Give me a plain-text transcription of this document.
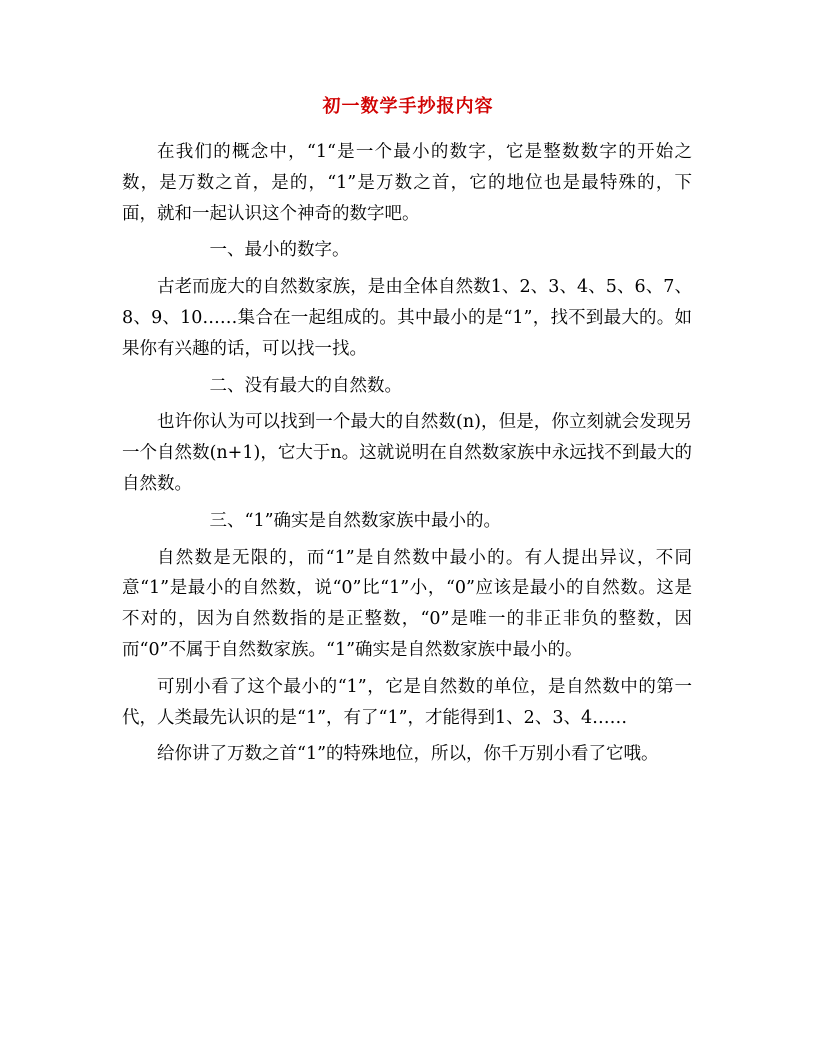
初一数学手抄报内容

在我们的概念中，“1“是一个最小的数字，它是整数数字的开始之数，是万数之首，是的，“1”是万数之首，它的地位也是最特殊的，下面，就和一起认识这个神奇的数字吧。

一、最小的数字。

古老而庞大的自然数家族，是由全体自然数1、2、3、4、5、6、7、8、9、10……集合在一起组成的。其中最小的是“1”，找不到最大的。如果你有兴趣的话，可以找一找。

二、没有最大的自然数。

也许你认为可以找到一个最大的自然数(n)，但是，你立刻就会发现另一个自然数(n+1)，它大于n。这就说明在自然数家族中永远找不到最大的自然数。

三、“1”确实是自然数家族中最小的。

自然数是无限的，而“1”是自然数中最小的。有人提出异议，不同意“1”是最小的自然数，说“0”比“1”小，“0”应该是最小的自然数。这是不对的，因为自然数指的是正整数，“0”是唯一的非正非负的整数，因而“0”不属于自然数家族。“1”确实是自然数家族中最小的。

可别小看了这个最小的“1”，它是自然数的单位，是自然数中的第一代，人类最先认识的是“1”，有了“1”，才能得到1、2、3、4……

给你讲了万数之首“1”的特殊地位，所以，你千万别小看了它哦。
